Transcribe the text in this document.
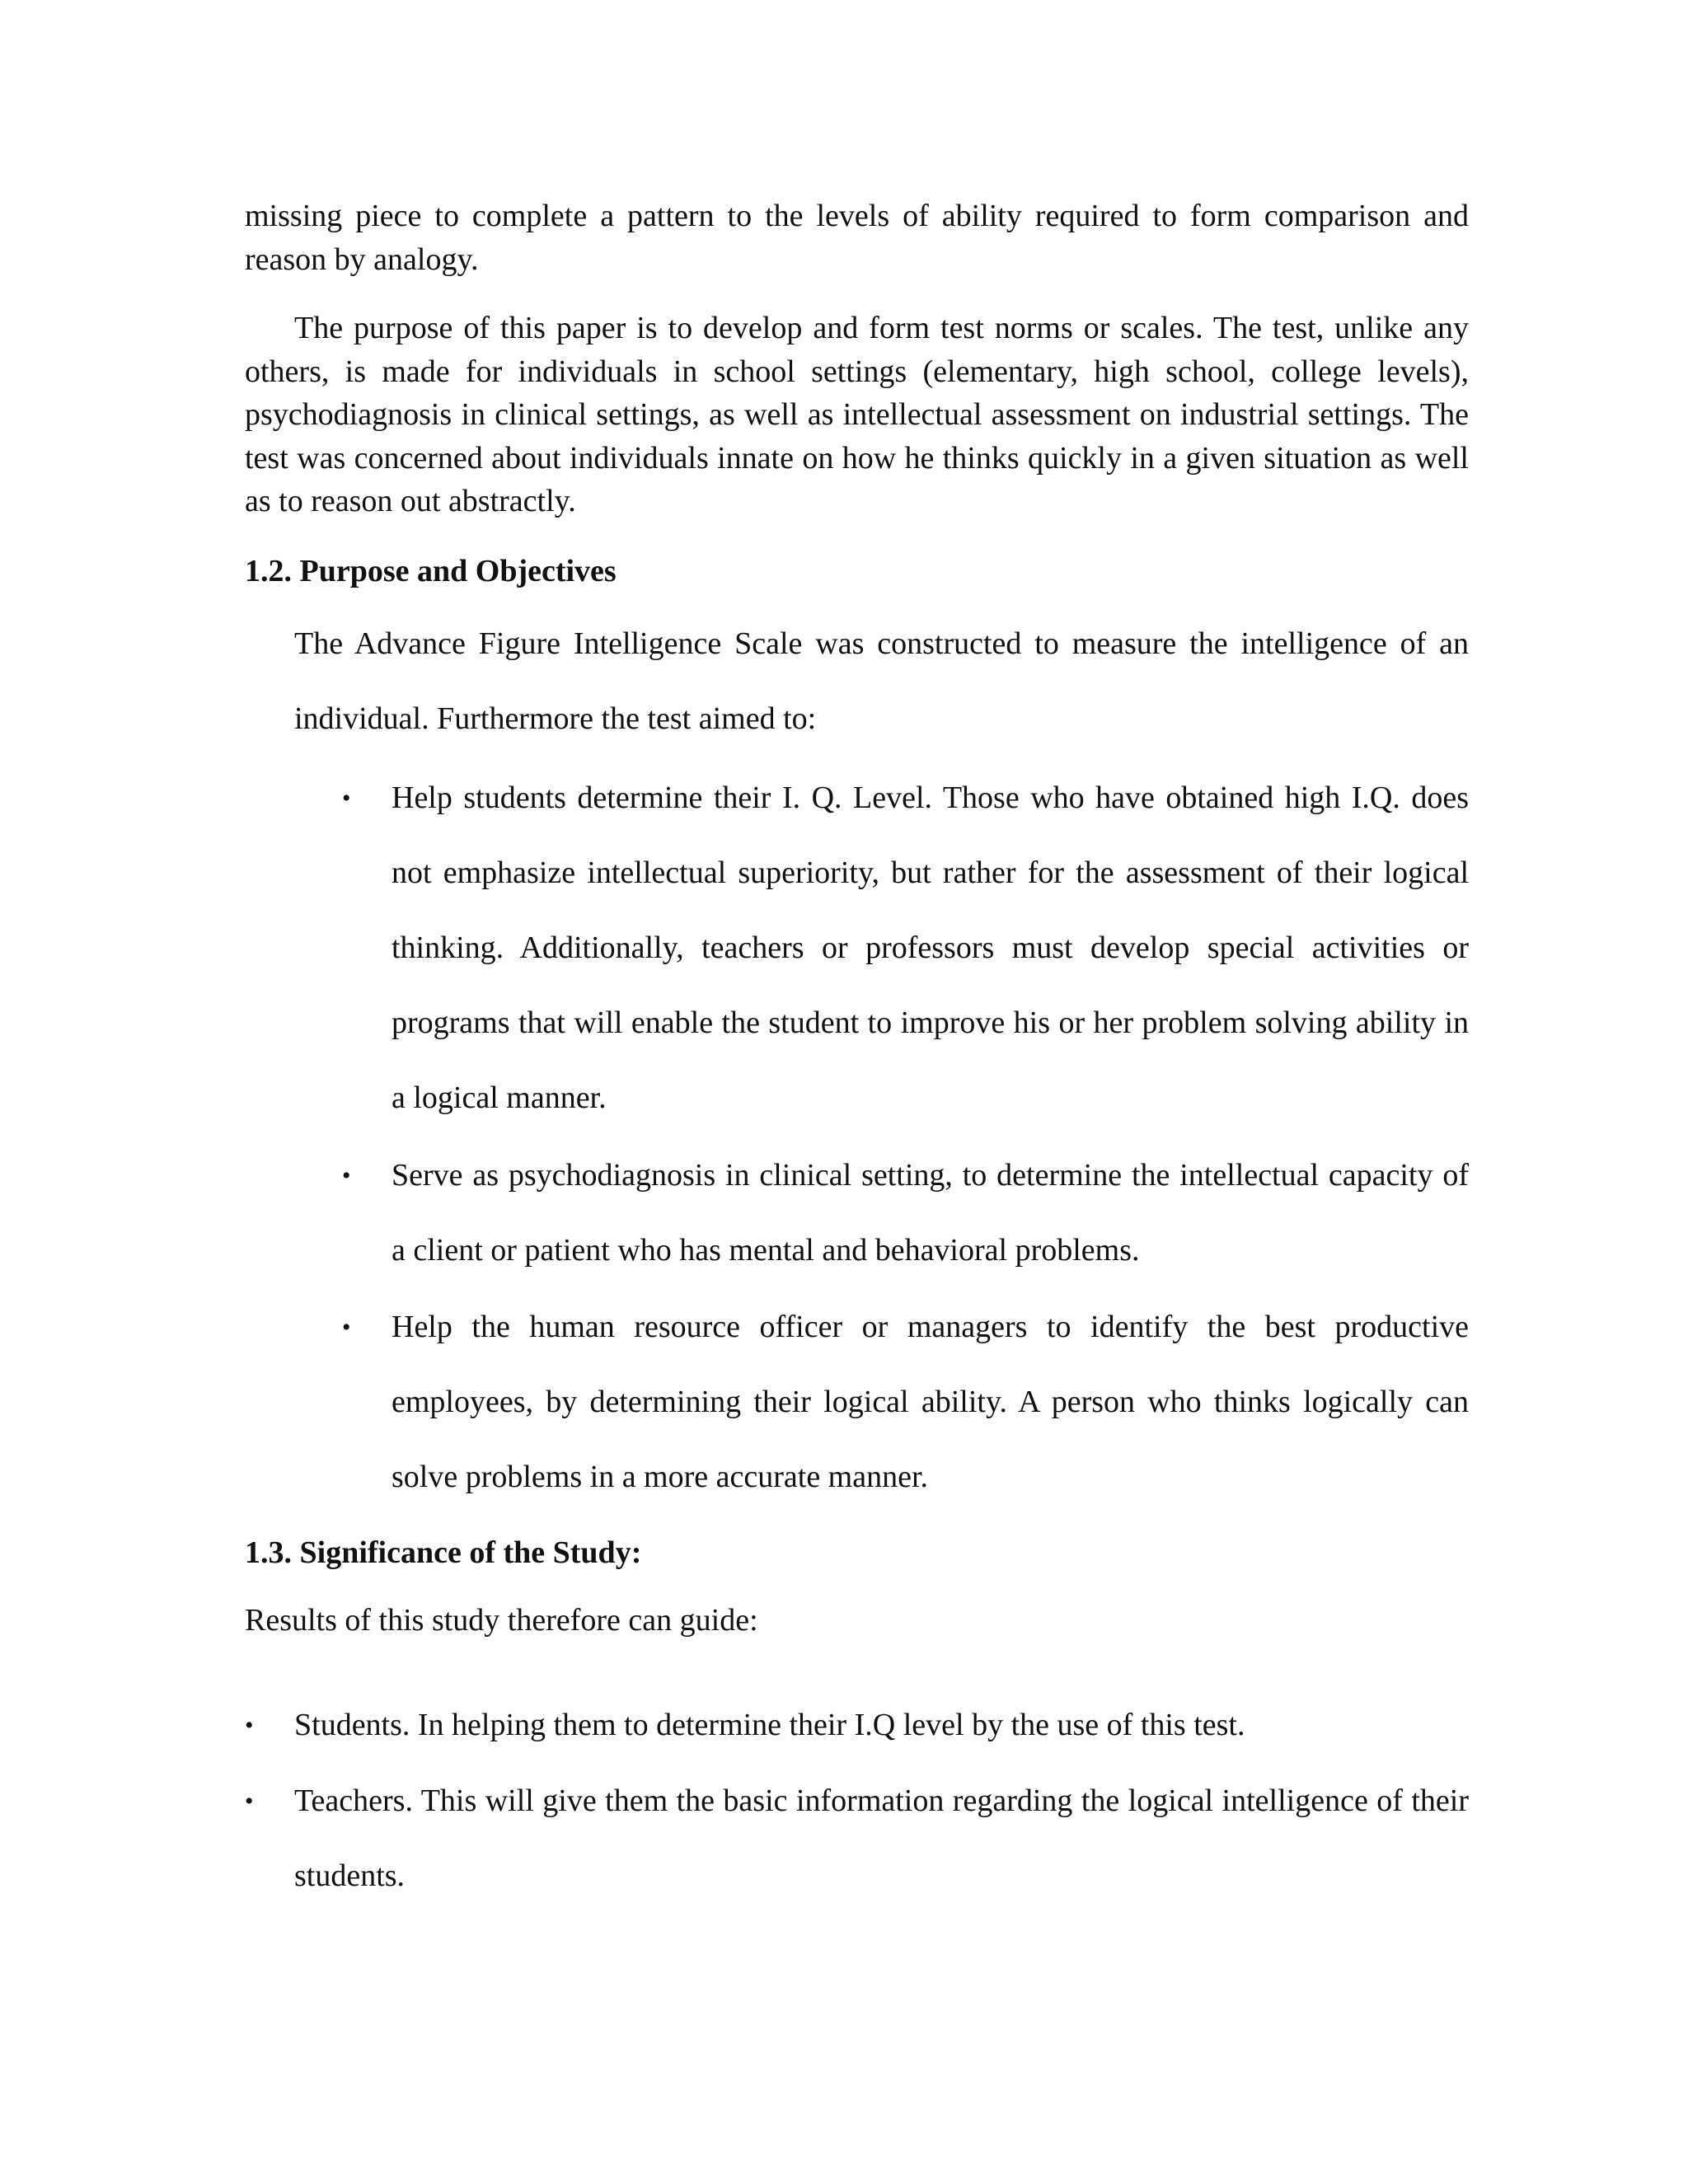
missing piece to complete a pattern to the levels of ability required to form comparison and reason by analogy.
The purpose of this paper is to develop and form test norms or scales. The test, unlike any others, is made for individuals in school settings (elementary, high school, college levels), psychodiagnosis in clinical settings, as well as intellectual assessment on industrial settings. The test was concerned about individuals innate on how he thinks quickly in a given situation as well as to reason out abstractly.
1.2. Purpose and Objectives
The Advance Figure Intelligence Scale was constructed to measure the intelligence of an individual. Furthermore the test aimed to:
• Help students determine their I. Q. Level. Those who have obtained high I.Q. does not emphasize intellectual superiority, but rather for the assessment of their logical thinking. Additionally, teachers or professors must develop special activities or programs that will enable the student to improve his or her problem solving ability in a logical manner.
• Serve as psychodiagnosis in clinical setting, to determine the intellectual capacity of a client or patient who has mental and behavioral problems.
• Help the human resource officer or managers to identify the best productive employees, by determining their logical ability. A person who thinks logically can solve problems in a more accurate manner.
1.3. Significance of the Study:
Results of this study therefore can guide:
• Students. In helping them to determine their I.Q level by the use of this test.
• Teachers. This will give them the basic information regarding the logical intelligence of their students.
